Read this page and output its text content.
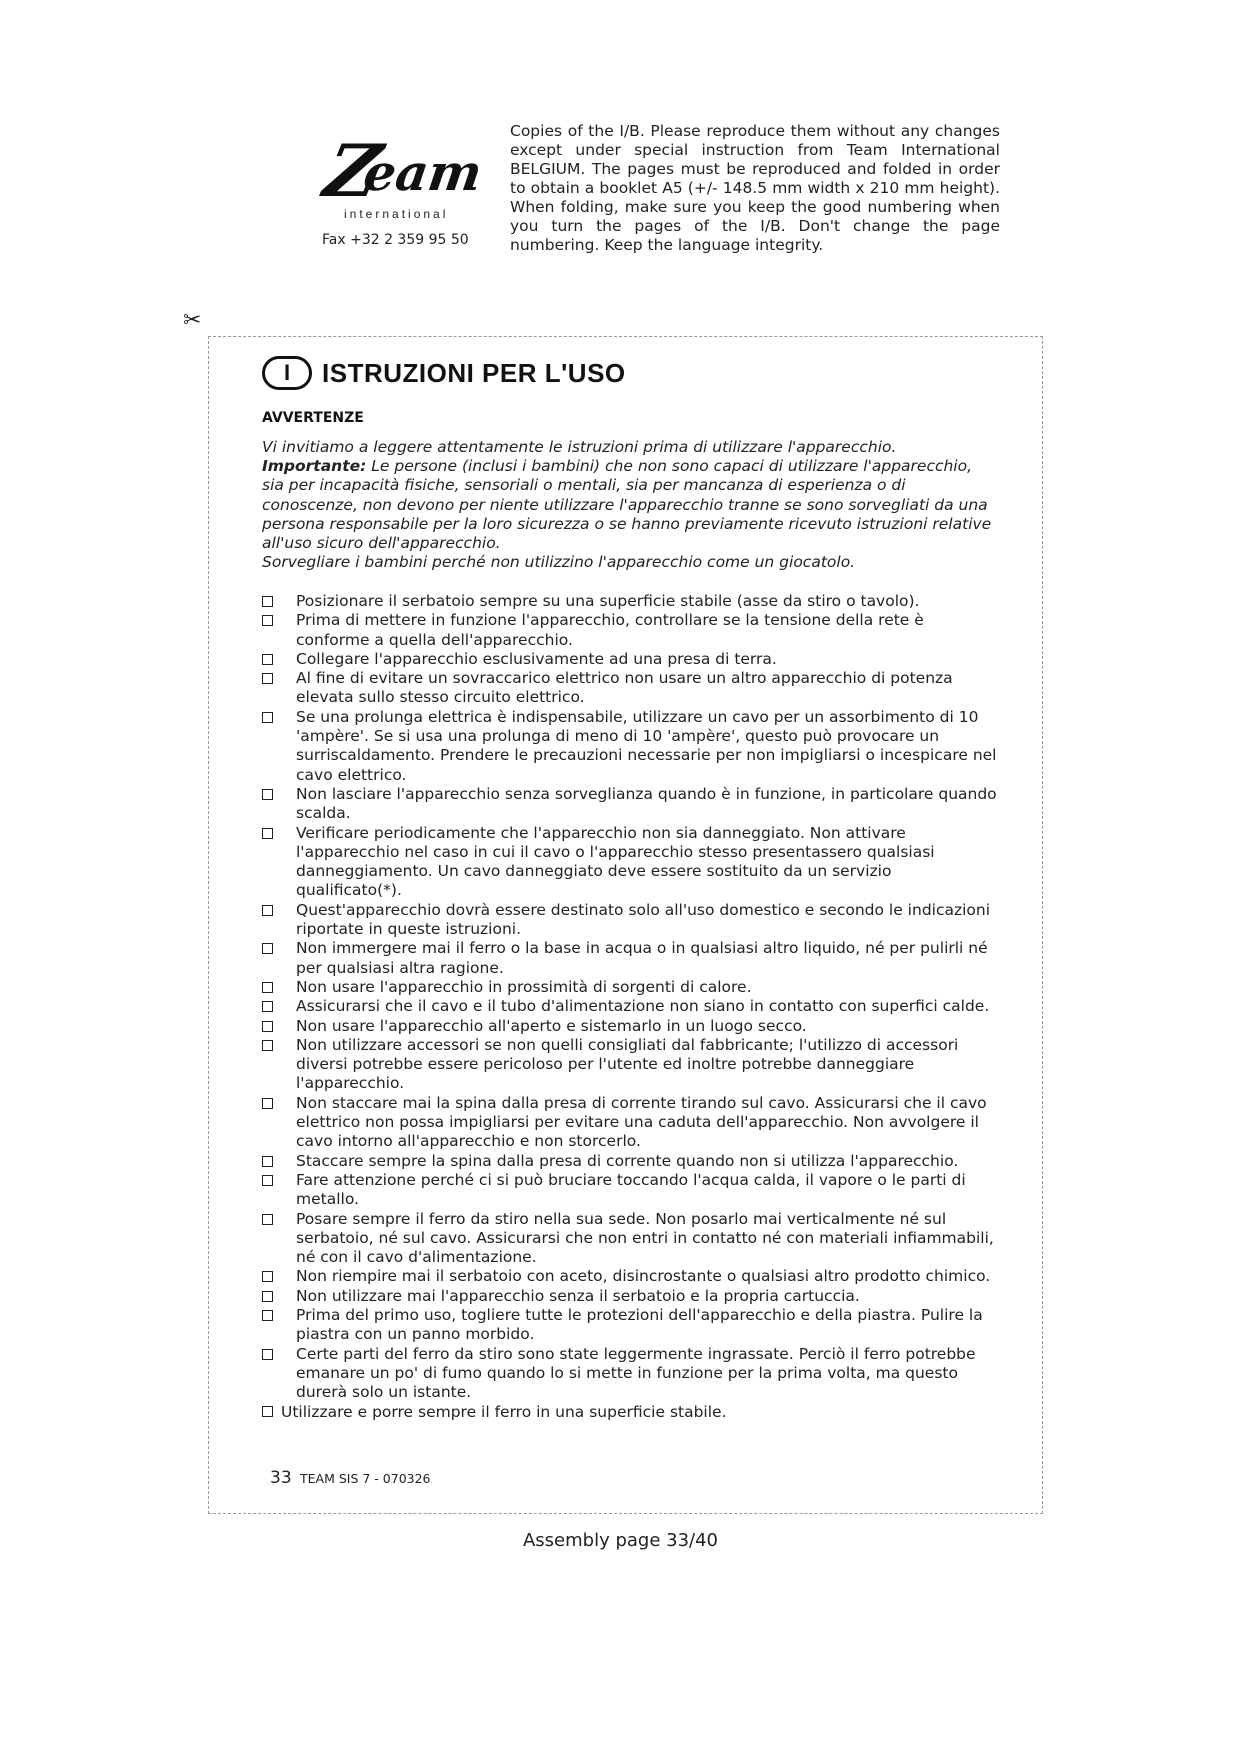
Z
eam
international
Fax +32 2 359 95 50
Copies of the I/B. Please reproduce them without any changes except under special instruction from Team International BELGIUM. The pages must be reproduced and folded in order to obtain a booklet A5 (+/- 148.5 mm width x 210 mm height). When folding, make sure you keep the good numbering when you turn the pages of the I/B. Don't change the page numbering. Keep the language integrity.
✂
I	ISTRUZIONI PER L'USO
AVVERTENZE
Vi invitiamo a leggere attentamente le istruzioni prima di utilizzare l'apparecchio.
Importante: Le persone (inclusi i bambini) che non sono capaci di utilizzare l'apparecchio, sia per incapacità fisiche, sensoriali o mentali, sia per mancanza di esperienza o di conoscenze, non devono per niente utilizzare l'apparecchio tranne se sono sorvegliati da una persona responsabile per la loro sicurezza o se hanno previamente ricevuto istruzioni relative all'uso sicuro dell'apparecchio.
Sorvegliare i bambini perché non utilizzino l'apparecchio come un giocatolo.
Posizionare il serbatoio sempre su una superficie stabile (asse da stiro o tavolo).
Prima di mettere in funzione l'apparecchio, controllare se la tensione della rete è conforme a quella dell'apparecchio.
Collegare l'apparecchio esclusivamente ad una presa di terra.
Al fine di evitare un sovraccarico elettrico non usare un altro apparecchio di potenza elevata sullo stesso circuito elettrico.
Se una prolunga elettrica è indispensabile, utilizzare un cavo per un assorbimento di 10 'ampère'. Se si usa una prolunga di meno di 10 'ampère', questo può provocare un surriscaldamento. Prendere le precauzioni necessarie per non impigliarsi o incespicare nel cavo elettrico.
Non lasciare l'apparecchio senza sorveglianza quando è in funzione, in particolare quando scalda.
Verificare periodicamente che l'apparecchio non sia danneggiato. Non attivare l'apparecchio nel caso in cui il cavo o l'apparecchio stesso presentassero qualsiasi danneggiamento. Un cavo danneggiato deve essere sostituito da un servizio qualificato(*).
Quest'apparecchio dovrà essere destinato solo all'uso domestico e secondo le indicazioni riportate in queste istruzioni.
Non immergere mai il ferro o la base in acqua o in qualsiasi altro liquido, né per pulirli né per qualsiasi altra ragione.
Non usare l'apparecchio in prossimità di sorgenti di calore.
Assicurarsi che il cavo e il tubo d'alimentazione non siano in contatto con superfici calde.
Non usare l'apparecchio all'aperto e sistemarlo in un luogo secco.
Non utilizzare accessori se non quelli consigliati dal fabbricante; l'utilizzo di accessori diversi potrebbe essere pericoloso per l'utente ed inoltre potrebbe danneggiare l'apparecchio.
Non staccare mai la spina dalla presa di corrente tirando sul cavo. Assicurarsi che il cavo elettrico non possa impigliarsi per evitare una caduta dell'apparecchio. Non avvolgere il cavo intorno all'apparecchio e non storcerlo.
Staccare sempre la spina dalla presa di corrente quando non si utilizza l'apparecchio.
Fare attenzione perché ci si può bruciare toccando l'acqua calda, il vapore o le parti di metallo.
Posare sempre il ferro da stiro nella sua sede. Non posarlo mai verticalmente né sul serbatoio, né sul cavo. Assicurarsi che non entri in contatto né con materiali infiammabili, né con il cavo d'alimentazione.
Non riempire mai il serbatoio con aceto, disincrostante o qualsiasi altro prodotto chimico.
Non utilizzare mai l'apparecchio senza il serbatoio e la propria cartuccia.
Prima del primo uso, togliere tutte le protezioni dell'apparecchio e della piastra. Pulire la piastra con un panno morbido.
Certe parti del ferro da stiro sono state leggermente ingrassate. Perciò il ferro potrebbe emanare un po' di fumo quando lo si mette in funzione per la prima volta, ma questo durerà solo un istante.
Utilizzare e porre sempre il ferro in una superficie stabile.
33 TEAM SIS 7 - 070326
Assembly page 33/40
